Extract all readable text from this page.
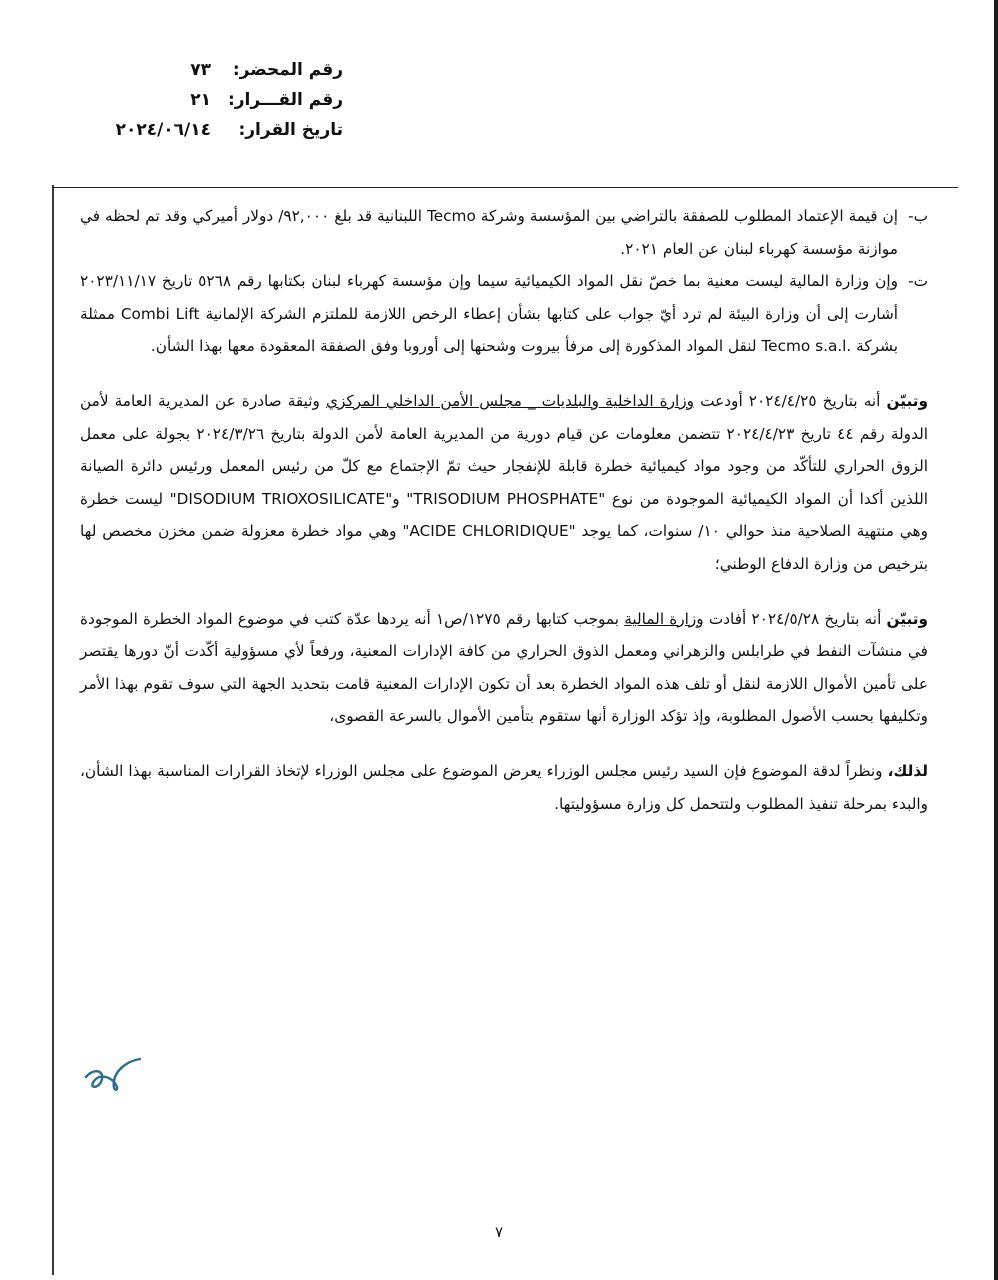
رقم المحضر:
٧٣
رقم القـــرار:
٢١
تاريخ القرار:
٢٠٢٤/٠٦/١٤

ب-
إن قيمة الإعتماد المطلوب للصفقة بالتراضي بين المؤسسة وشركة Tecmo اللبنانية قد بلغ ٩٢,٠٠٠/ دولار أميركي وقد تم لحظه في موازنة مؤسسة كهرباء لبنان عن العام ٢٠٢١.

ت-
وإن وزارة المالية ليست معنية بما خصّ نقل المواد الكيميائية سيما وإن مؤسسة كهرباء لبنان بكتابها رقم ٥٢٦٨ تاريخ ٢٠٢٣/١١/١٧ أشارت إلى أن وزارة البيئة لم ترد أيّ جواب على كتابها بشأن إعطاء الرخص اللازمة للملتزم الشركة الإلمانية Combi Lift ممثلة بشركة Tecmo s.a.l. لنقل المواد المذكورة إلى مرفأ بيروت وشحنها إلى أوروبا وفق الصفقة المعقودة معها بهذا الشأن.

وتبيّن أنه بتاريخ ٢٠٢٤/٤/٢٥ أودعت وزارة الداخلية والبلديات _ مجلس الأمن الداخلي المركزي وثيقة صادرة عن المديرية العامة لأمن الدولة رقم ٤٤ تاريخ ٢٠٢٤/٤/٢٣ تتضمن معلومات عن قيام دورية من المديرية العامة لأمن الدولة بتاريخ ٢٠٢٤/٣/٢٦ بجولة على معمل الزوق الحراري للتأكّد من وجود مواد كيميائية خطرة قابلة للإنفجار حيث تمّ الإجتماع مع كلّ من رئيس المعمل ورئيس دائرة الصيانة اللذين أكدا أن المواد الكيميائية الموجودة من نوع "TRISODIUM PHOSPHATE" و"DISODIUM TRIOXOSILICATE" ليست خطرة وهي منتهية الصلاحية منذ حوالي ١٠/ سنوات، كما يوجد "ACIDE CHLORIDIQUE" وهي مواد خطرة معزولة ضمن مخزن مخصص لها بترخيص من وزارة الدفاع الوطني؛

وتبيّن أنه بتاريخ ٢٠٢٤/٥/٢٨ أفادت وزارة المالية بموجب كتابها رقم ١٢٧٥/ص١ أنه يردها عدّة كتب في موضوع المواد الخطرة الموجودة في منشآت النفط في طرابلس والزهراني ومعمل الذوق الحراري من كافة الإدارات المعنية، ورفعاً لأي مسؤولية أكّدت أنّ دورها يقتصر على تأمين الأموال اللازمة لنقل أو تلف هذه المواد الخطرة بعد أن تكون الإدارات المعنية قامت بتحديد الجهة التي سوف تقوم بهذا الأمر وتكليفها بحسب الأصول المطلوبة، وإذ تؤكد الوزارة أنها ستقوم بتأمين الأموال بالسرعة القصوى،

لذلك، ونظراً لدقة الموضوع فإن السيد رئيس مجلس الوزراء يعرض الموضوع على مجلس الوزراء لإتخاذ القرارات المناسبة بهذا الشأن، والبدء بمرحلة تنفيذ المطلوب ولتتحمل كل وزارة مسؤوليتها.

٧
